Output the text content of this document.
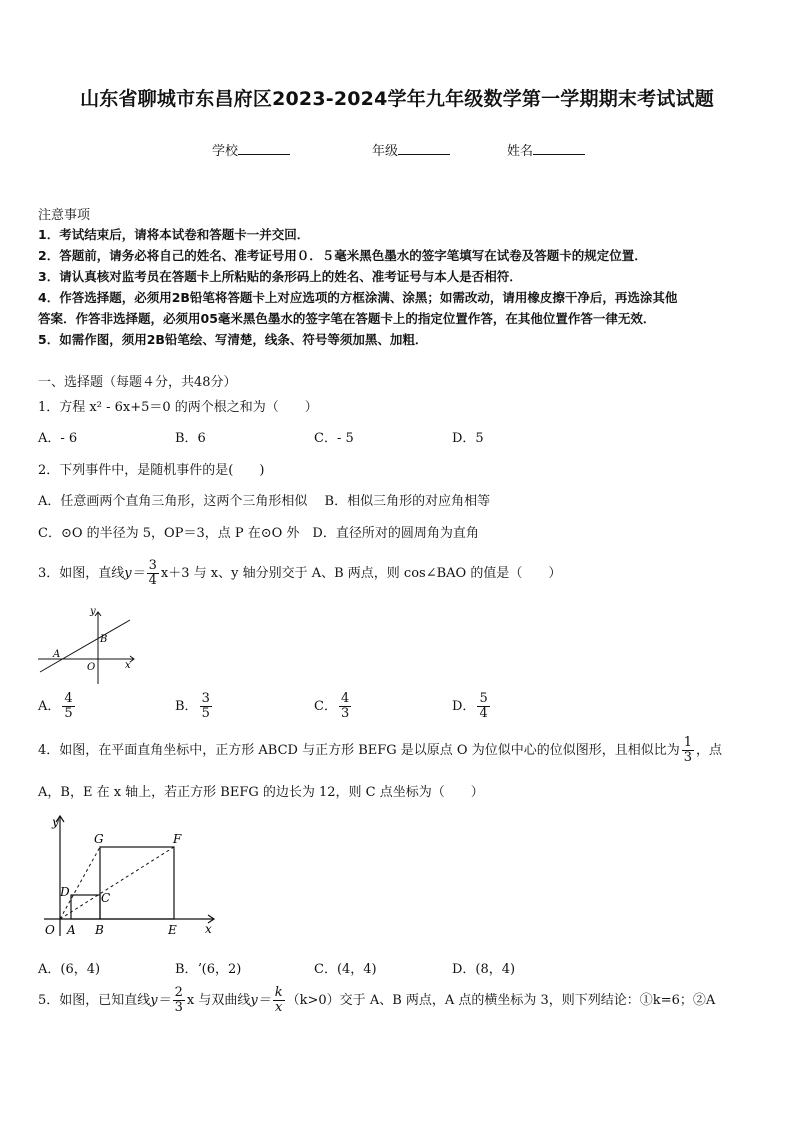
山东省聊城市东昌府区2023-2024学年九年级数学第一学期期末考试试题
学校	年级	姓名
注意事项
1．考试结束后，请将本试卷和答题卡一并交回．
2．答题前，请务必将自己的姓名、准考证号用０．５毫米黑色墨水的签字笔填写在试卷及答题卡的规定位置．
3．请认真核对监考员在答题卡上所粘贴的条形码上的姓名、准考证号与本人是否相符．
4．作答选择题，必须用2B铅笔将答题卡上对应选项的方框涂满、涂黑；如需改动，请用橡皮擦干净后，再选涂其他
答案．作答非选择题，必须用05毫米黑色墨水的签字笔在答题卡上的指定位置作答，在其他位置作答一律无效．
5．如需作图，须用2B铅笔绘、写清楚，线条、符号等须加黑、加粗．
一、选择题（每题４分，共48分）
1．方程 x² - 6x+5＝0 的两个根之和为（　　）
A．- 6	B．6	C．- 5	D．5
2．下列事件中，是随机事件的是(　　)
A．任意画两个直角三角形，这两个三角形相似　 B．相似三角形的对应角相等
C．⊙O 的半径为 5，OP＝3，点 P 在⊙O 外　D．直径所对的圆周角为直角
3．如图，直线$y= \frac{3}{4} x+3$ 与 x、y 轴分别交于 A、B 两点，则 cos∠BAO 的值是（　　）
y
x
B
A
O
A． $\frac{4}{5}$	B． $\frac{3}{5}$	C． $\frac{4}{3}$	D． $\frac{5}{4}$
4．如图，在平面直角坐标中，正方形 ABCD 与正方形 BEFG 是以原点 O 为位似中心的位似图形，且相似比为 $\frac{1}{3}$ ，点
A，B，E 在 x 轴上，若正方形 BEFG 的边长为 12，则 C 点坐标为（　　）
y
x
G	F
D	C
O A B	E
A．(6，4)	B．ʼ(6，2)	C．(4，4)	D．(8，4)
5．如图，已知直线$y= \frac{2}{3}$ x 与双曲线$y= \frac{k}{x} (k>0)$交于 A、B 两点，A 点的横坐标为 3，则下列结论：①k=6；②A
